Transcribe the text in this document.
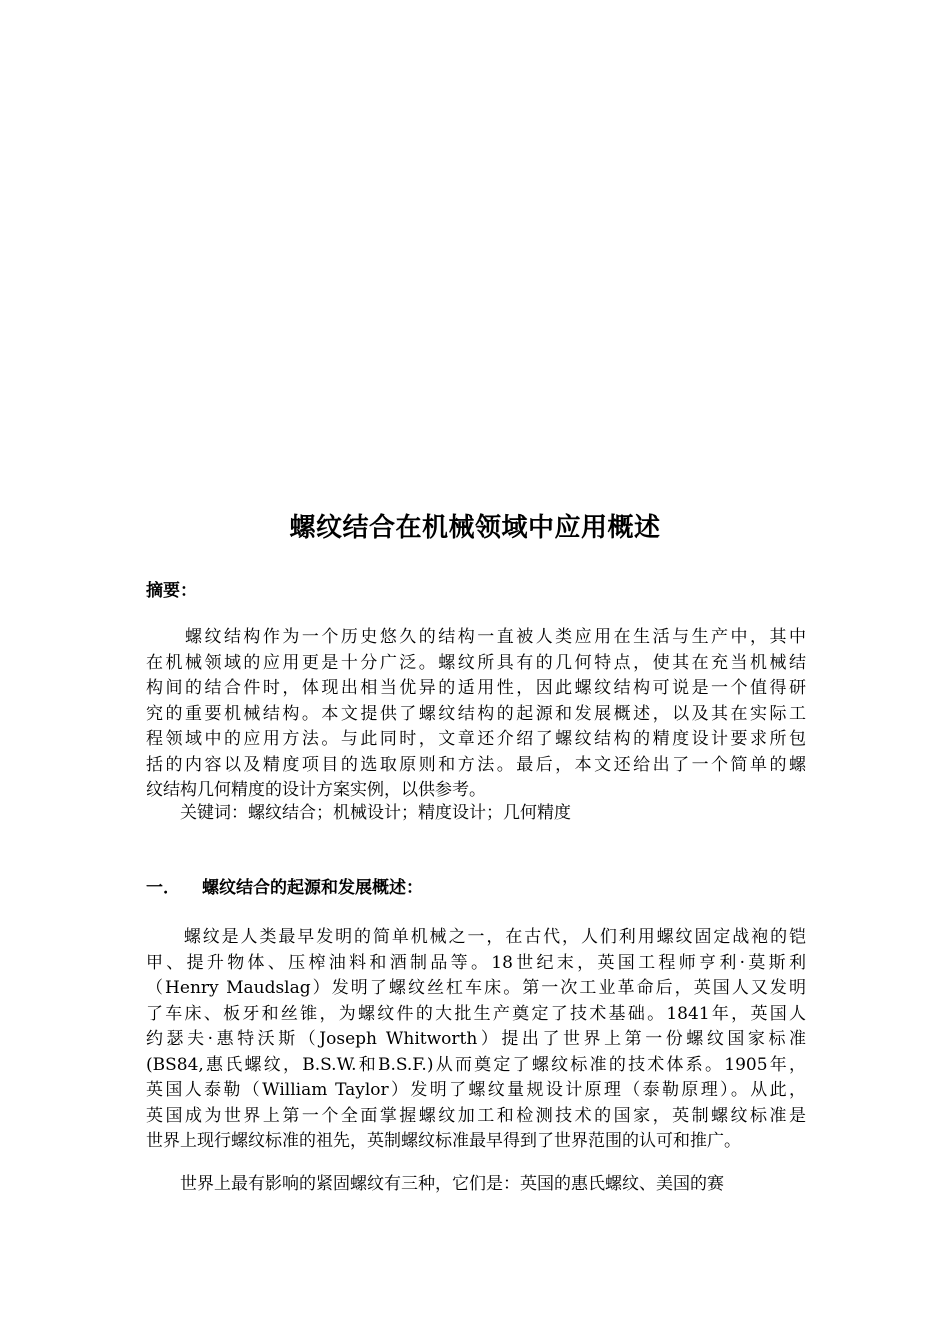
螺纹结合在机械领域中应用概述
摘要：
　　螺纹结构作为一个历史悠久的结构一直被人类应用在生活与生产中，其中
在机械领域的应用更是十分广泛。螺纹所具有的几何特点，使其在充当机械结
构间的结合件时，体现出相当优异的适用性，因此螺纹结构可说是一个值得研
究的重要机械结构。本文提供了螺纹结构的起源和发展概述，以及其在实际工
程领域中的应用方法。与此同时，文章还介绍了螺纹结构的精度设计要求所包
括的内容以及精度项目的选取原则和方法。最后，本文还给出了一个简单的螺
纹结构几何精度的设计方案实例，以供参考。
　　关键词：螺纹结合；机械设计；精度设计；几何精度
一． 螺纹结合的起源和发展概述：
　　螺纹是人类最早发明的简单机械之一，在古代，人们利用螺纹固定战袍的铠
甲、提升物体、压榨油料和酒制品等。18世纪末，英国工程师亨利·莫斯利
（Henry Maudslag）发明了螺纹丝杠车床。第一次工业革命后，英国人又发明
了车床、板牙和丝锥，为螺纹件的大批生产奠定了技术基础。1841年，英国人
约瑟夫·惠特沃斯（Joseph Whitworth）提出了世界上第一份螺纹国家标准
(BS84,惠氏螺纹，B.S.W.和B.S.F.)从而奠定了螺纹标准的技术体系。1905年，
英国人泰勒（William Taylor）发明了螺纹量规设计原理（泰勒原理）。从此，
英国成为世界上第一个全面掌握螺纹加工和检测技术的国家，英制螺纹标准是
世界上现行螺纹标准的祖先，英制螺纹标准最早得到了世界范围的认可和推广。
　　世界上最有影响的紧固螺纹有三种，它们是：英国的惠氏螺纹、美国的赛
